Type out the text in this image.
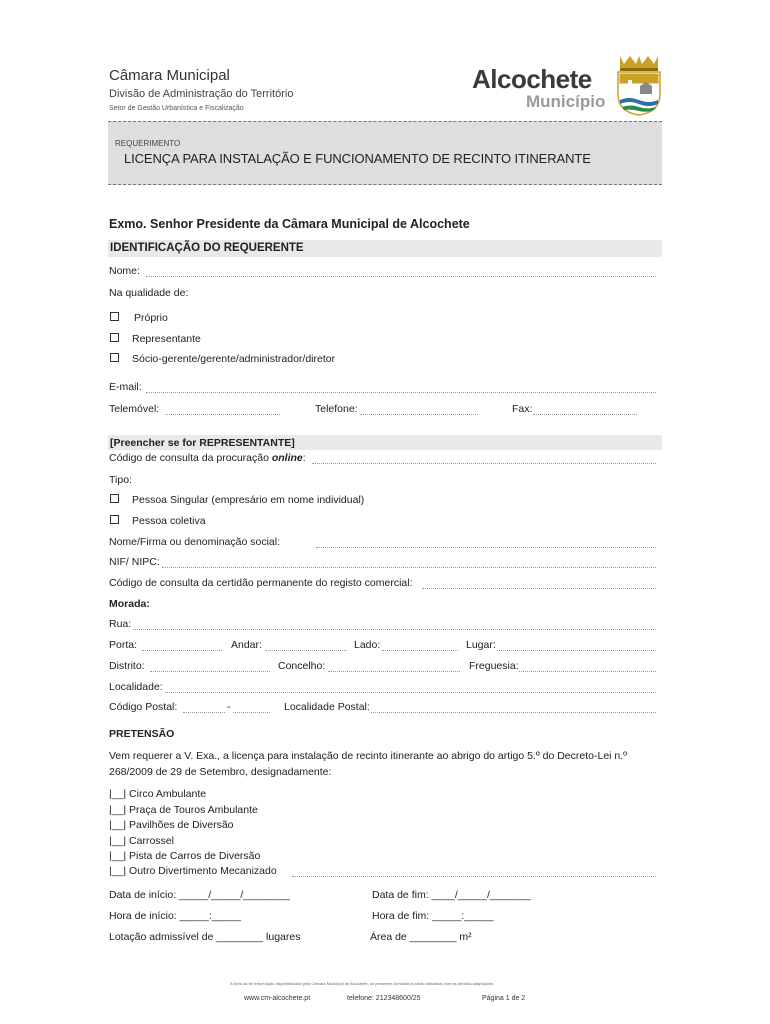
Câmara Municipal
Divisão de Administração do Território
Setor de Gestão Urbanística e Fiscalização
Alcochete
Município
REQUERIMENTO
LICENÇA PARA INSTALAÇÃO E FUNCIONAMENTO DE RECINTO ITINERANTE
Exmo. Senhor Presidente da Câmara Municipal de Alcochete
IDENTIFICAÇÃO DO REQUERENTE
Nome:
Na qualidade de:
Próprio
Representante
Sócio-gerente/gerente/administrador/diretor
E-mail:
Telemóvel:	Telefone:	Fax:
[Preencher se for REPRESENTANTE]
Código de consulta da procuração online:
Tipo:
Pessoa Singular (empresário em nome individual)
Pessoa coletiva
Nome/Firma ou denominação social:
NIF/ NIPC:
Código de consulta da certidão permanente do registo comercial:
Morada:
Rua:
Porta:	Andar:	Lado:	Lugar:
Distrito:	Concelho:	Freguesia:
Localidade:
Código Postal:	-	Localidade Postal:
PRETENSÃO
Vem requerer a V. Exa., a licença para instalação de recinto itinerante ao abrigo do artigo 5.º do Decreto-Lei n.º
268/2009 de 29 de Setembro, designadamente:
|__| Circo Ambulante
|__| Praça de Touros Ambulante
|__| Pavilhões de Diversão
|__| Carrossel
|__| Pista de Carros de Diversão
|__| Outro Divertimento Mecanizado
Data de início: _____/_____/________	Data de fim: ____/_____/_______
Hora de início: _____:_____	Hora de fim: _____:_____
Lotação admissível de ________ lugares	Área de ________ m²
A ficha ao ter informação disponibilizada pela Câmara Municipal de Alcochete, os presentes formulários serão utilizados com as devidas adaptações
www.cm-alcochete.pt	telefone: 212348600/25	Página 1 de 2
